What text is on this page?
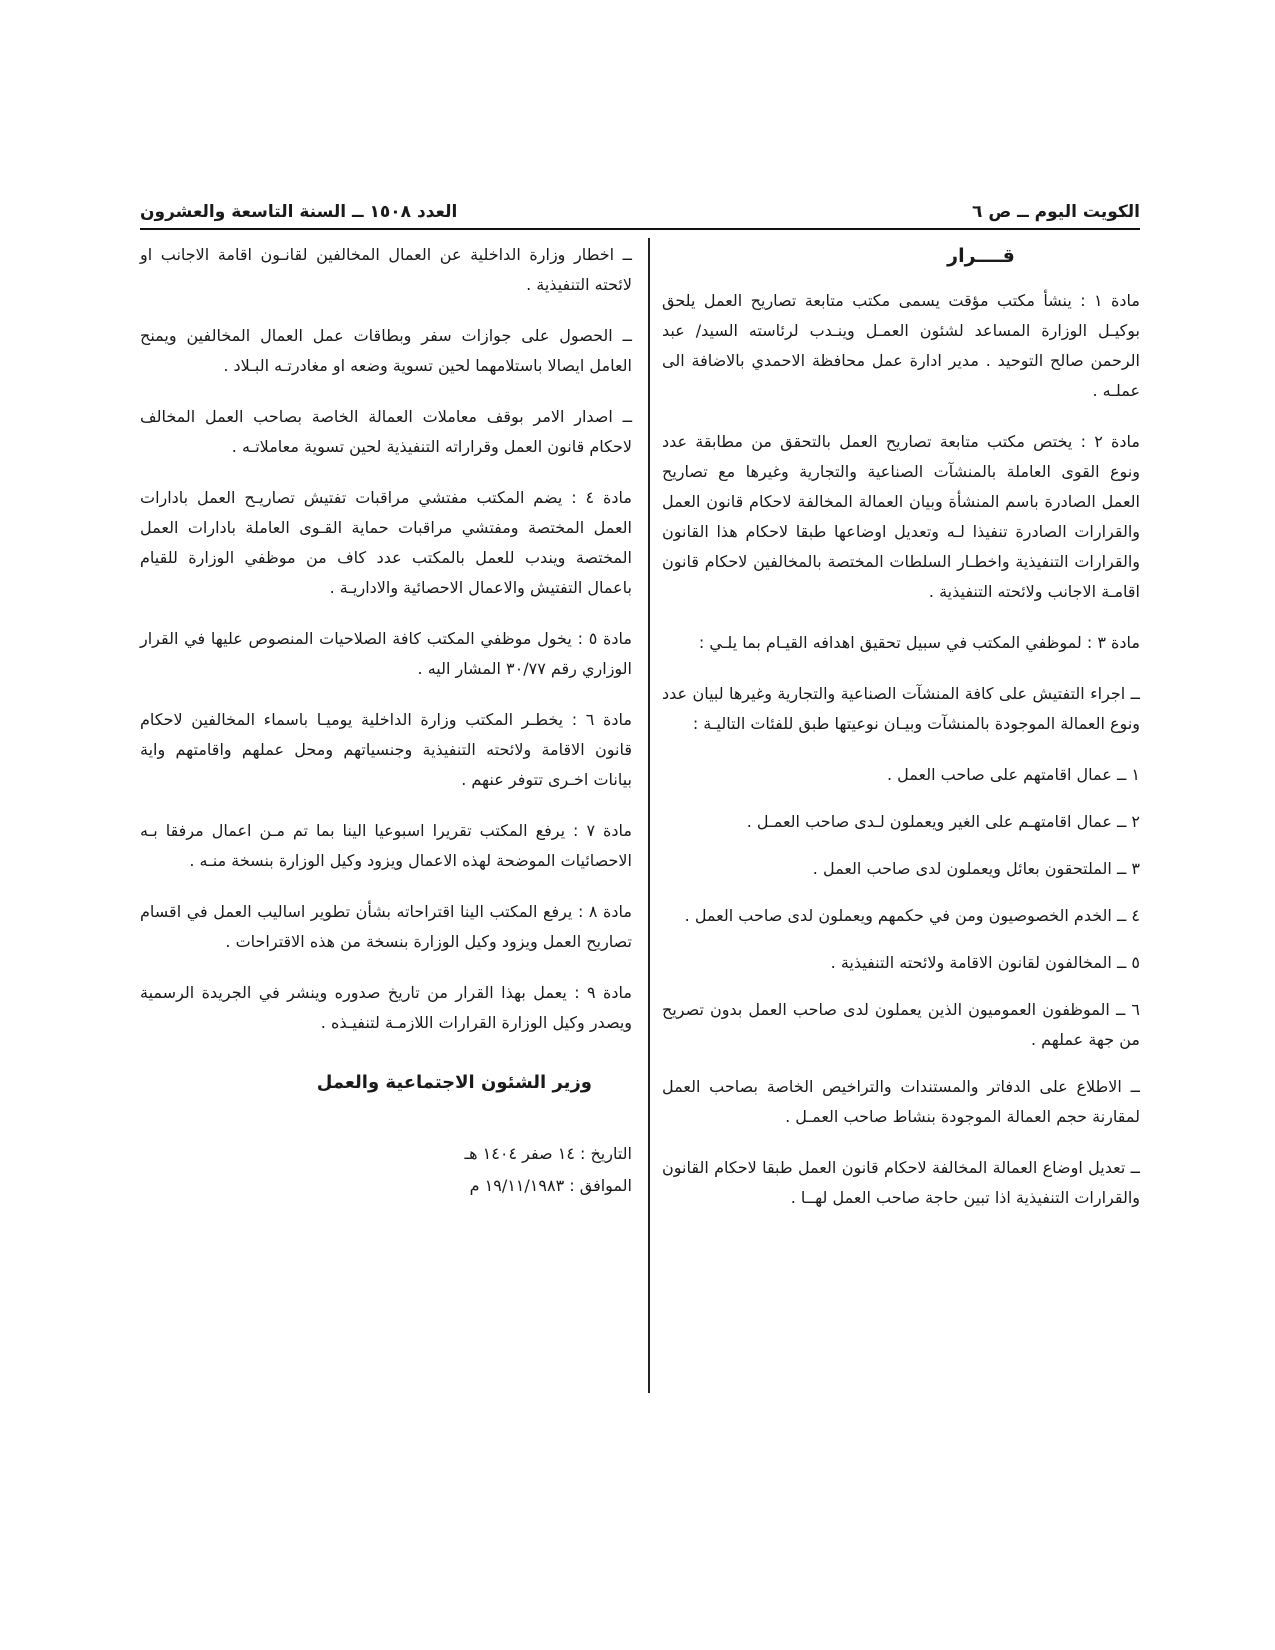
الكويت اليوم ــ ص ٦
العدد ١٥٠٨ ــ السنة التاسعة والعشرون
قــــرار

مادة ١ : ينشأ مكتب مؤقت يسمى مكتب متابعة تصاريح العمل يلحق بوكيـل الوزارة المساعد لشئون العمـل وينـدب لرئاسته السيد/ عبد الرحمن صالح التوحيد . مدير ادارة عمل محافظة الاحمدي بالاضافة الى عملـه .

مادة ٢ : يختص مكتب متابعة تصاريح العمل بالتحقق من مطابقة عدد ونوع القوى العاملة بالمنشآت الصناعية والتجارية وغيرها مع تصاريح العمل الصادرة باسم المنشأة وبيان العمالة المخالفة لاحكام قانون العمل والقرارات الصادرة تنفيذا لـه وتعديل اوضاعها طبقا لاحكام هذا القانون والقرارات التنفيذية واخطـار السلطات المختصة بالمخالفين لاحكام قانون اقامـة الاجانب ولائحته التنفيذية .

مادة ٣ : لموظفي المكتب في سبيل تحقيق اهدافه القيـام بما يلـي :

ــ اجراء التفتيش على كافة المنشآت الصناعية والتجارية وغيرها لبيان عدد ونوع العمالة الموجودة بالمنشآت وبيـان نوعيتها طبق للفئات التاليـة :

١ ــ عمال اقامتهم على صاحب العمل .

٢ ــ عمال اقامتهـم على الغير ويعملون لـدى صاحب العمـل .

٣ ــ الملتحقون بعائل ويعملون لدى صاحب العمل .

٤ ــ الخدم الخصوصيون ومن في حكمهم ويعملون لدى صاحب العمل .

٥ ــ المخالفون لقانون الاقامة ولائحته التنفيذية .

٦ ــ الموظفون العموميون الذين يعملون لدى صاحب العمل بدون تصريح من جهة عملهم .

ــ الاطلاع على الدفاتر والمستندات والتراخيص الخاصة بصاحب العمل لمقارنة حجم العمالة الموجودة بنشاط صاحب العمـل .

ــ تعديل اوضاع العمالة المخالفة لاحكام قانون العمل طبقا لاحكام القانون والقرارات التنفيذية اذا تبين حاجة صاحب العمل لهــا .

ــ اخطار وزارة الداخلية عن العمال المخالفين لقانـون اقامة الاجانب او لائحته التنفيذية .

ــ الحصول على جوازات سفر وبطاقات عمل العمال المخالفين ويمنح العامل ايصالا باستلامهما لحين تسوية وضعه او مغادرتـه البـلاد .

ــ اصدار الامر بوقف معاملات العمالة الخاصة بصاحب العمل المخالف لاحكام قانون العمل وقراراته التنفيذية لحين تسوية معاملاتـه .

مادة ٤ : يضم المكتب مفتشي مراقبات تفتيش تصاريـح العمل بادارات العمل المختصة ومفتشي مراقبات حماية القـوى العاملة بادارات العمل المختصة ويندب للعمل بالمكتب عدد كاف من موظفي الوزارة للقيام باعمال التفتيش والاعمال الاحصائية والاداريـة .

مادة ٥ : يخول موظفي المكتب كافة الصلاحيات المنصوص عليها في القرار الوزاري رقم ٣٠/٧٧ المشار اليه .

مادة ٦ : يخطـر المكتب وزارة الداخلية يوميـا باسماء المخالفين لاحكام قانون الاقامة ولائحته التنفيذية وجنسياتهم ومحل عملهم واقامتهم واية بيانات اخـرى تتوفر عنهم .

مادة ٧ : يرفع المكتب تقريرا اسبوعيا الينا بما تم مـن اعمال مرفقا بـه الاحصائيات الموضحة لهذه الاعمال ويزود وكيل الوزارة بنسخة منـه .

مادة ٨ : يرفع المكتب الينا اقتراحاته بشأن تطوير اساليب العمل في اقسام تصاريح العمل ويزود وكيل الوزارة بنسخة من هذه الاقتراحات .

مادة ٩ : يعمل بهذا القرار من تاريخ صدوره وينشر في الجريدة الرسمية ويصدر وكيل الوزارة القرارات اللازمـة لتنفيـذه .

وزير الشئون الاجتماعية والعمل
التاريخ : ١٤ صفر ١٤٠٤ هـ
الموافق : ١٩/١١/١٩٨٣ م
